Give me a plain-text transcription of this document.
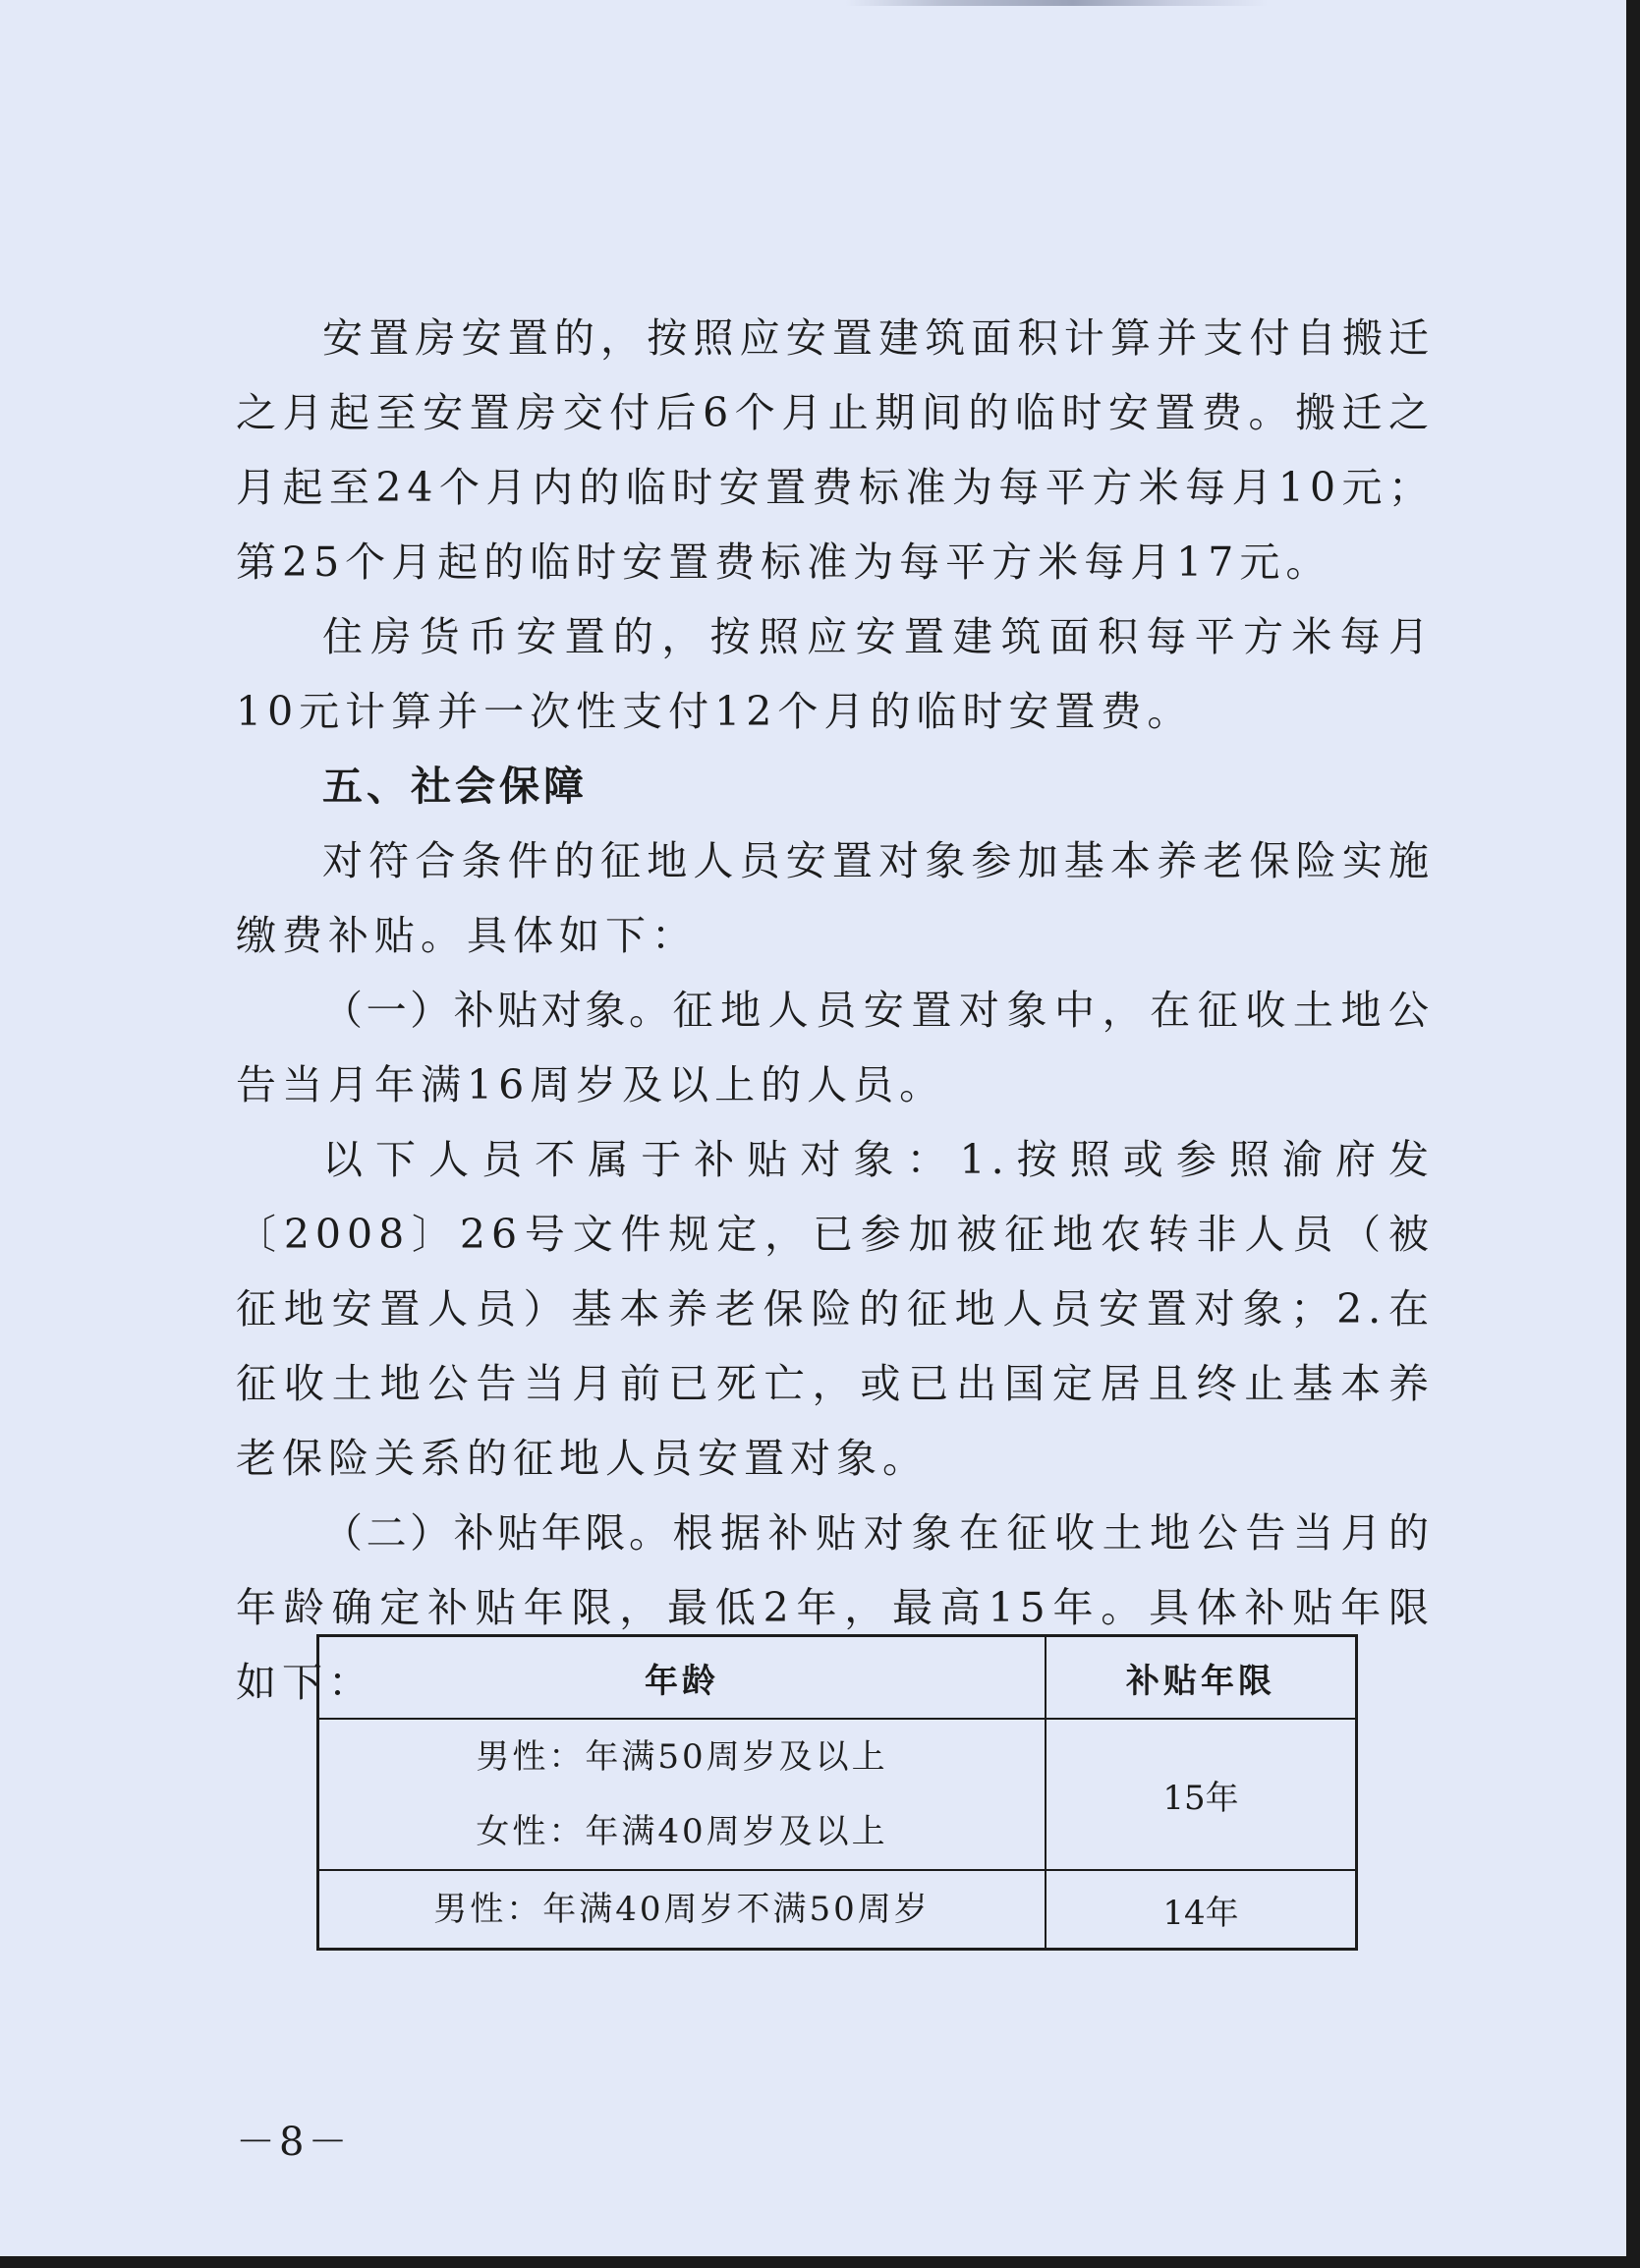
安置房安置的，按照应安置建筑面积计算并支付自搬迁之月起至安置房交付后6个月止期间的临时安置费。搬迁之月起至24个月内的临时安置费标准为每平方米每月10元；第25个月起的临时安置费标准为每平方米每月17元。

住房货币安置的，按照应安置建筑面积每平方米每月10元计算并一次性支付12个月的临时安置费。

五、社会保障

对符合条件的征地人员安置对象参加基本养老保险实施缴费补贴。具体如下：

（一）补贴对象。征地人员安置对象中，在征收土地公告当月年满16周岁及以上的人员。

以下人员不属于补贴对象：1.按照或参照渝府发〔2008〕26号文件规定，已参加被征地农转非人员（被征地安置人员）基本养老保险的征地人员安置对象；2.在征收土地公告当月前已死亡，或已出国定居且终止基本养老保险关系的征地人员安置对象。

（二）补贴年限。根据补贴对象在征收土地公告当月的年龄确定补贴年限，最低2年，最高15年。具体补贴年限如下：	年龄	补贴年限

男性：年满50周岁及以上
女性：年满40周岁及以上	15年

男性：年满40周岁不满50周岁	14年
－8－
